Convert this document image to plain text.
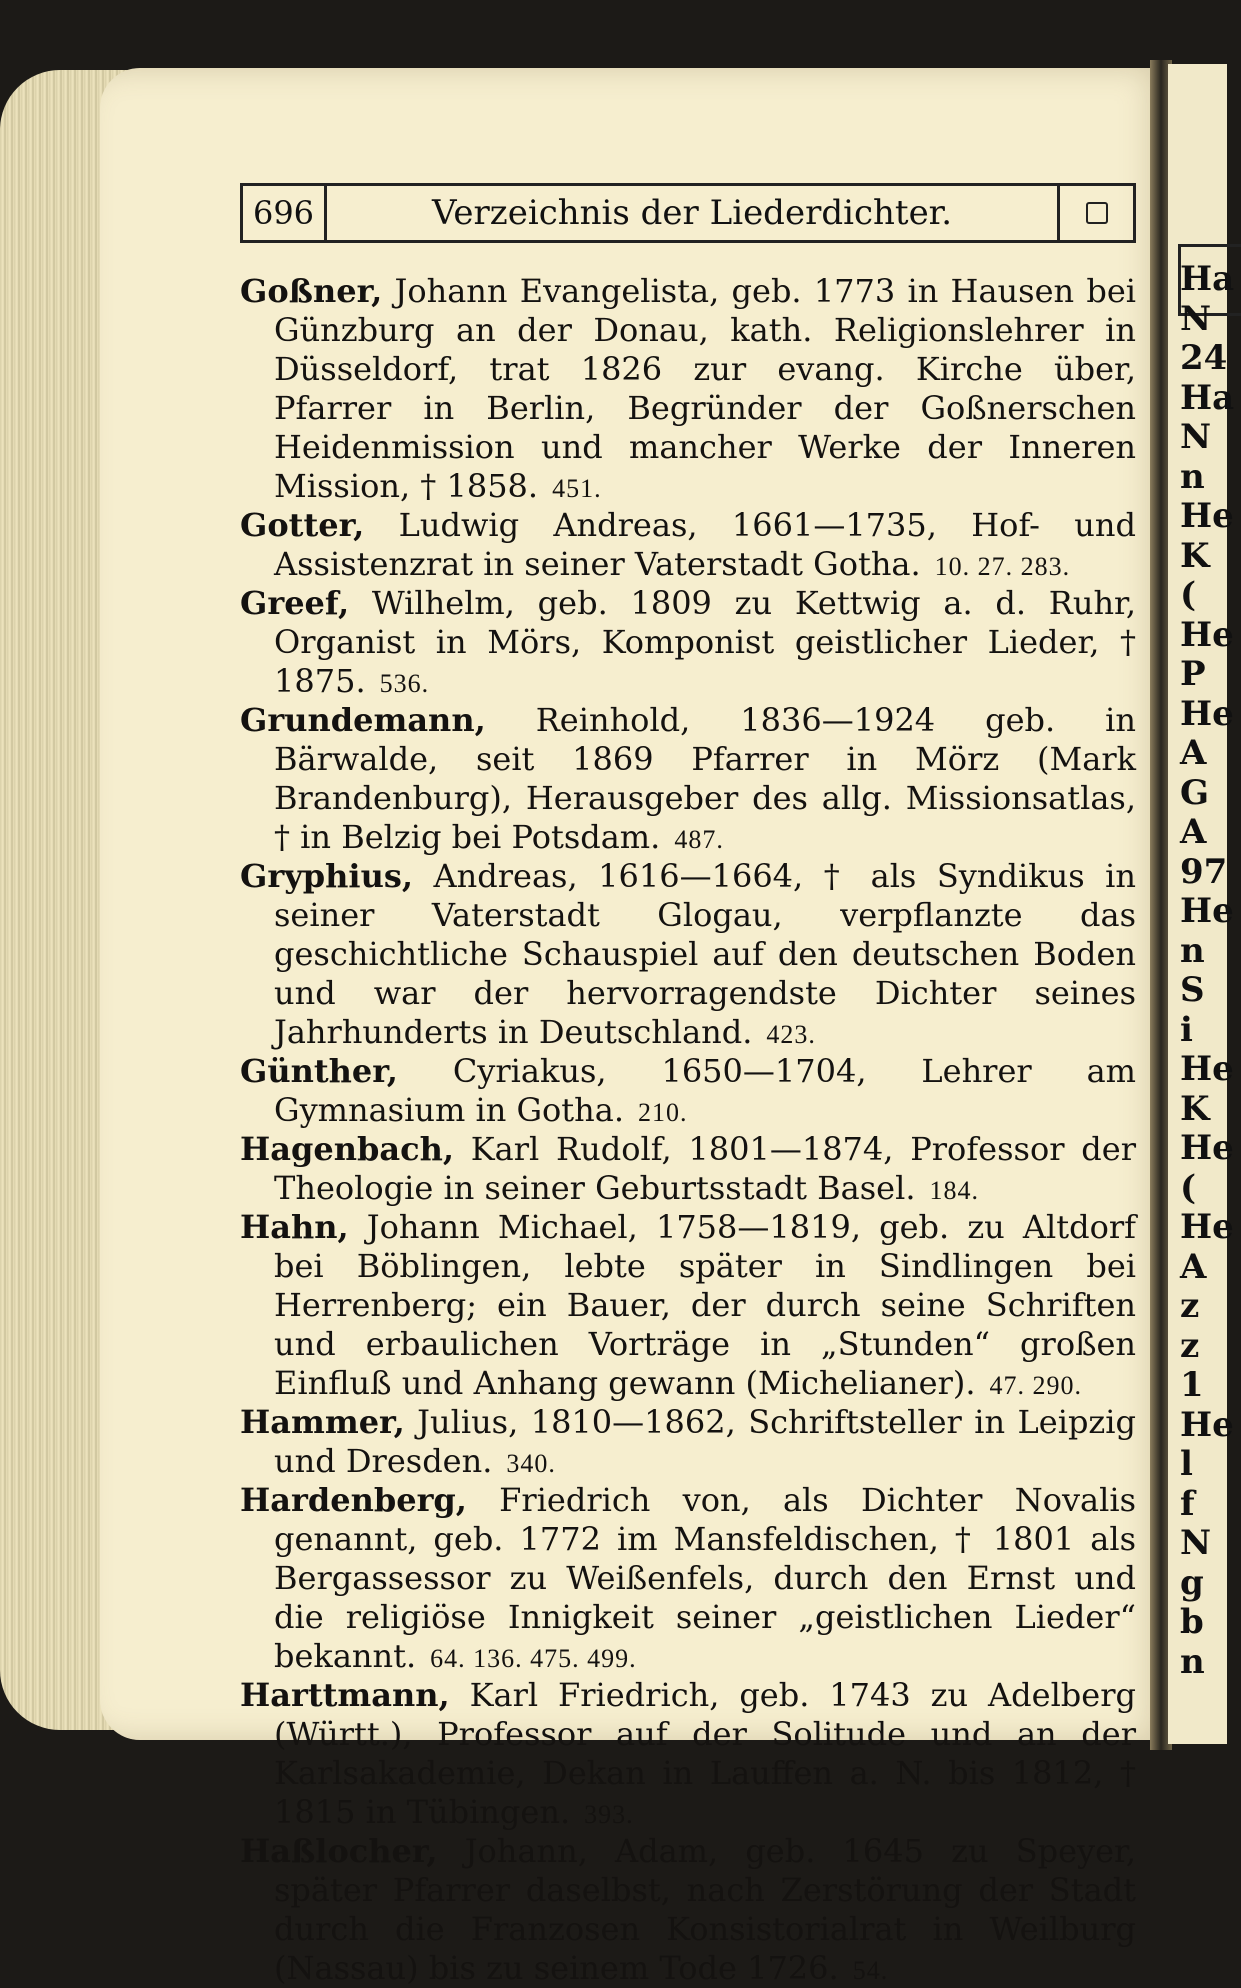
Ha
N
24
Ha
N
n
He
K
(
He
P
He
A
G
A
97
He
n
S
i
He
K
He
(
He
A
z
z
1
He
l
f
N
g
b
n
696	Verzeichnis der Liederdichter.

Goßner, Johann Evangelista, geb. 1773 in Hausen bei Günzburg an der Donau, kath. Religionslehrer in Düsseldorf, trat 1826 zur evang. Kirche über, Pfarrer in Berlin, Begründer der Goßnerschen Heidenmission und mancher Werke der Inneren Mission, † 1858. 451.

Gotter, Ludwig Andreas, 1661—1735, Hof- und Assistenzrat in seiner Vaterstadt Gotha. 10. 27. 283.

Greef, Wilhelm, geb. 1809 zu Kettwig a. d. Ruhr, Organist in Mörs, Komponist geistlicher Lieder, † 1875. 536.

Grundemann, Reinhold, 1836—1924 geb. in Bärwalde, seit 1869 Pfarrer in Mörz (Mark Brandenburg), Herausgeber des allg. Missionsatlas, † in Belzig bei Potsdam. 487.

Gryphius, Andreas, 1616—1664, † als Syndikus in seiner Vaterstadt Glogau, verpflanzte das geschichtliche Schauspiel auf den deutschen Boden und war der hervorragendste Dichter seines Jahrhunderts in Deutschland. 423.

Günther, Cyriakus, 1650—1704, Lehrer am Gymnasium in Gotha. 210.

Hagenbach, Karl Rudolf, 1801—1874, Professor der Theologie in seiner Geburtsstadt Basel. 184.

Hahn, Johann Michael, 1758—1819, geb. zu Altdorf bei Böblingen, lebte später in Sindlingen bei Herrenberg; ein Bauer, der durch seine Schriften und erbaulichen Vorträge in „Stunden“ großen Einfluß und Anhang gewann (Michelianer). 47. 290.

Hammer, Julius, 1810—1862, Schriftsteller in Leipzig und Dresden. 340.

Hardenberg, Friedrich von, als Dichter Novalis genannt, geb. 1772 im Mansfeldischen, † 1801 als Bergassessor zu Weißenfels, durch den Ernst und die religiöse Innigkeit seiner „geistlichen Lieder“ bekannt. 64. 136. 475. 499.

Harttmann, Karl Friedrich, geb. 1743 zu Adelberg (Württ.), Professor auf der Solitude und an der Karlsakademie, Dekan in Lauffen a. N. bis 1812, † 1815 in Tübingen. 393.

Haßlocher, Johann, Adam, geb. 1645 zu Speyer, später Pfarrer daselbst, nach Zerstörung der Stadt durch die Franzosen Konsistorialrat in Weilburg (Nassau) bis zu seinem Tode 1726. 54.
